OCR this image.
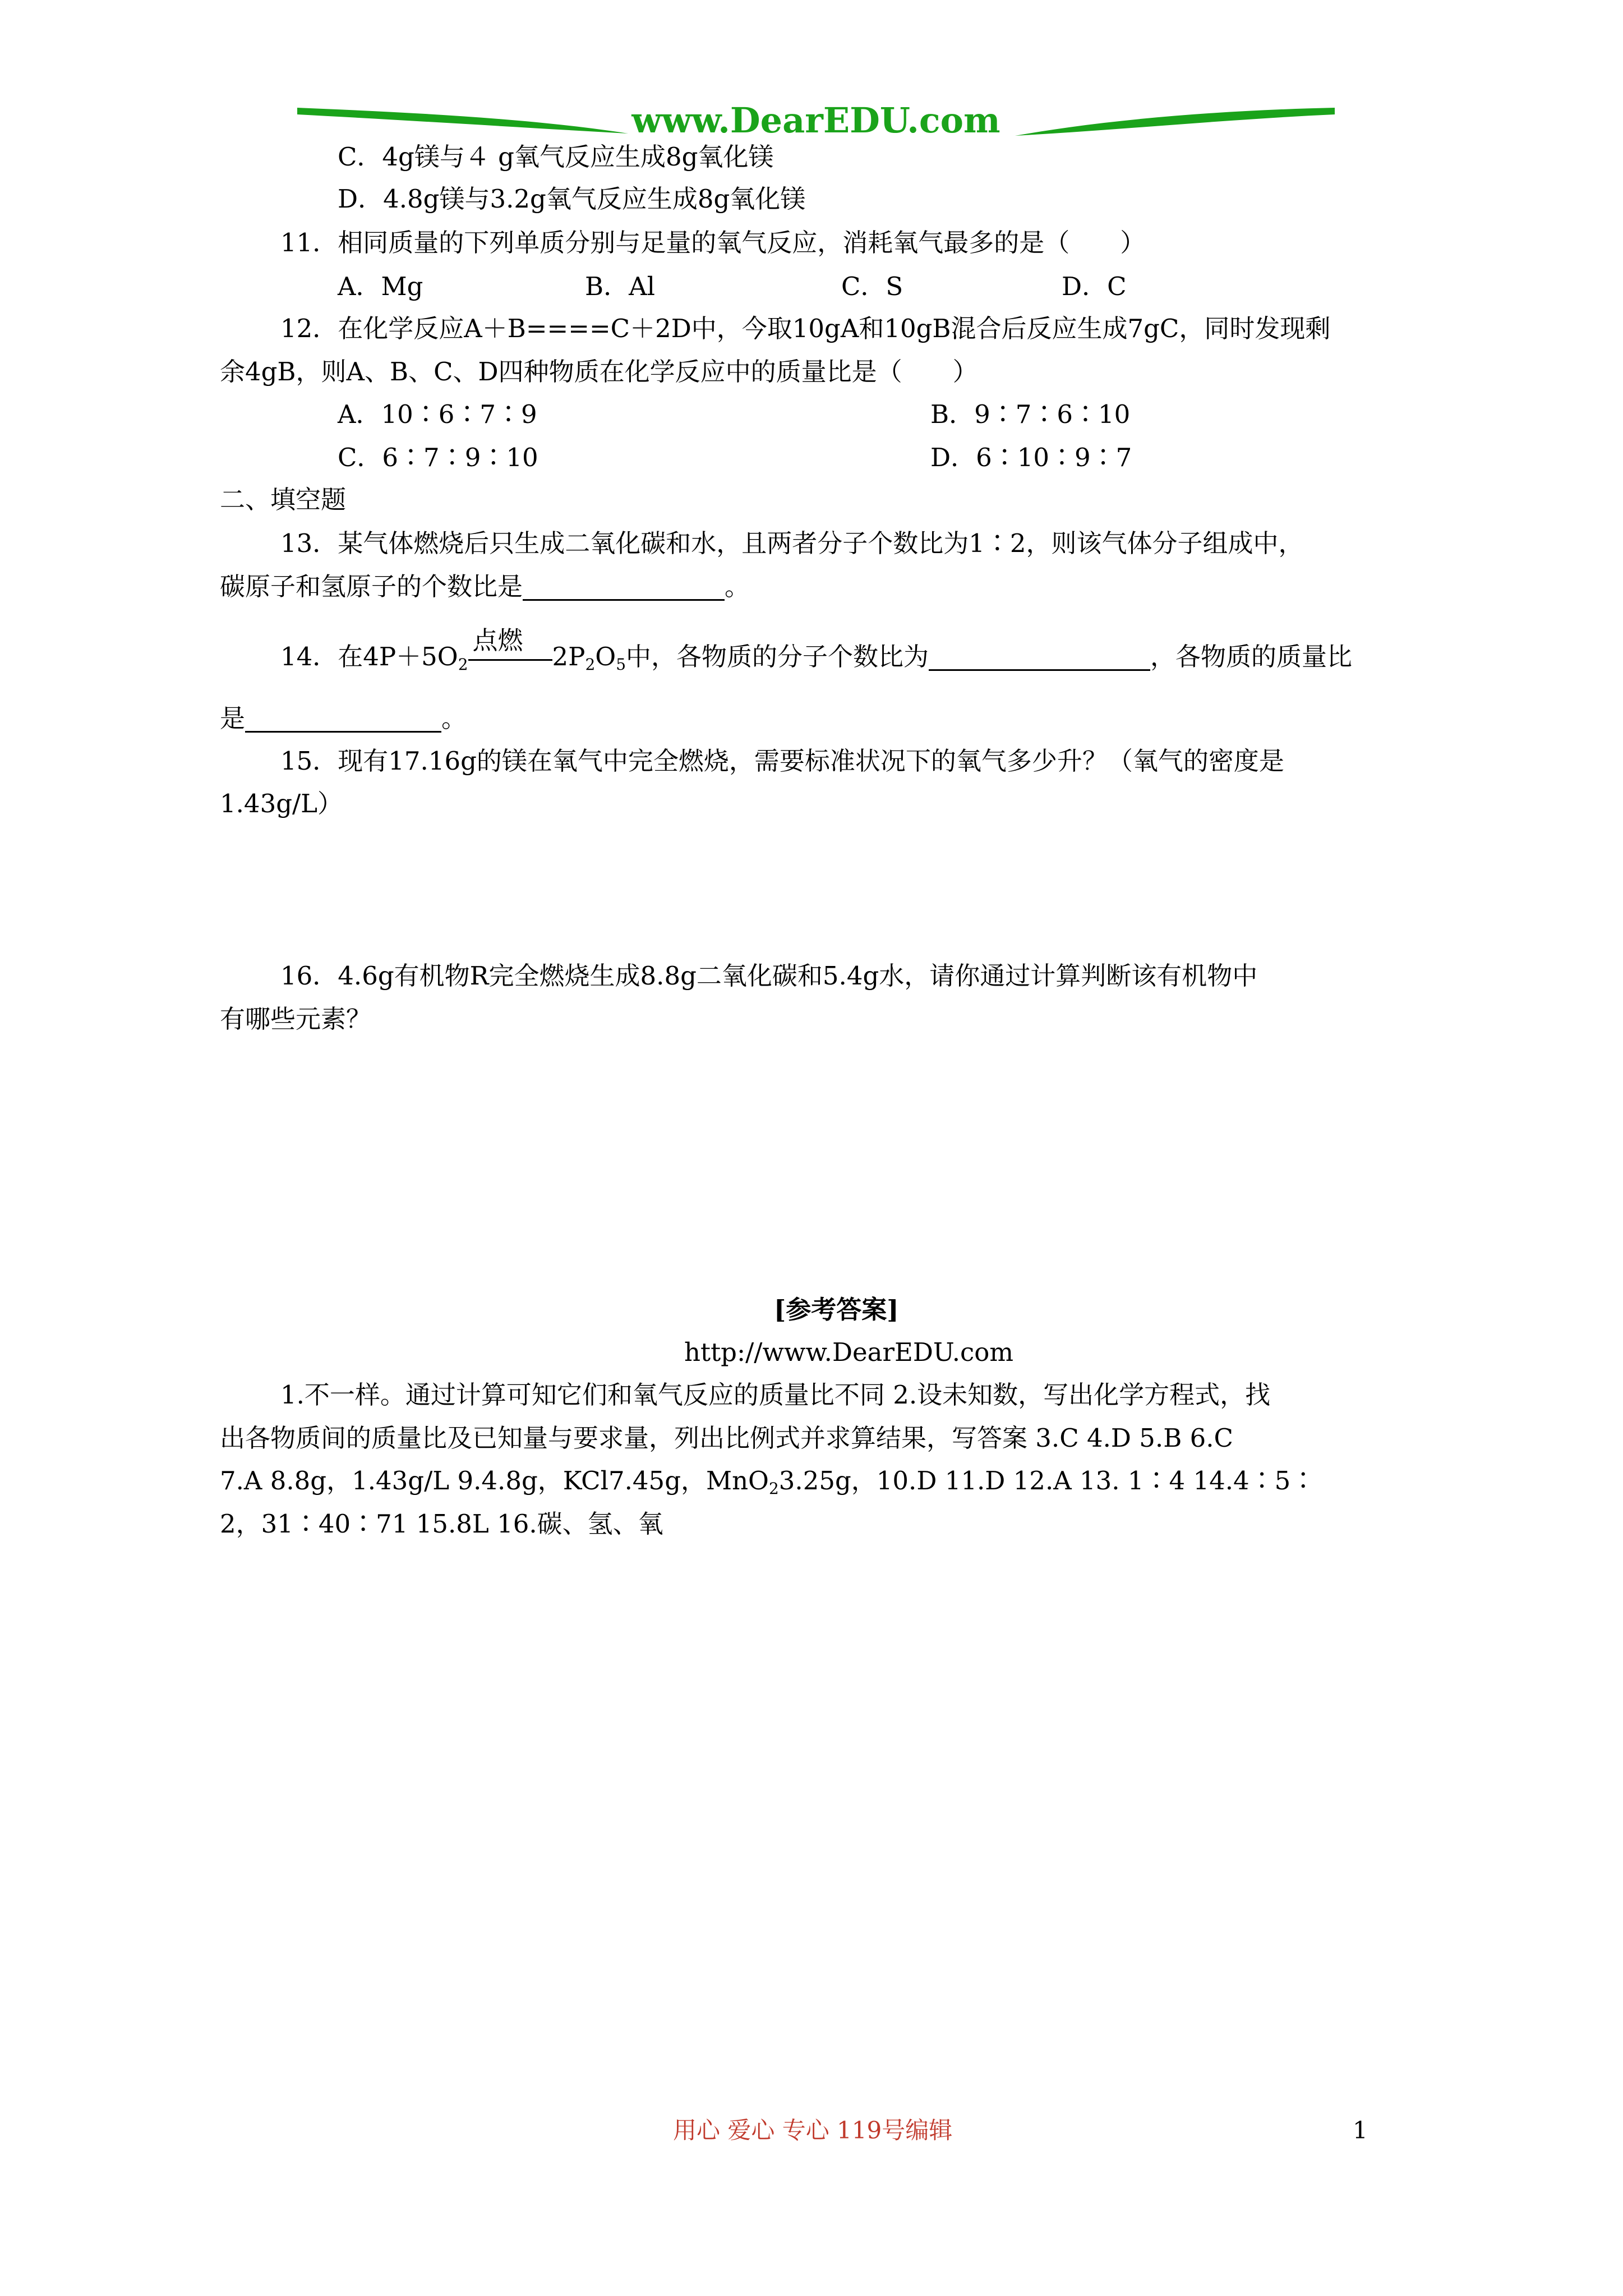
www.DearEDU.com
C．4g镁与４ g氧气反应生成8g氧化镁
D．4.8g镁与3.2g氧气反应生成8g氧化镁
11．相同质量的下列单质分别与足量的氧气反应，消耗氧气最多的是（　　）
A．Mg	B．Al	C．S	D．C
12．在化学反应A＋B====C＋2D中，今取10gA和10gB混合后反应生成7gC，同时发现剩
余4gB，则A、B、C、D四种物质在化学反应中的质量比是（　　）
A．10∶6∶7∶9	B．9∶7∶6∶10
C．6∶7∶9∶10	D．6∶10∶9∶7
二、填空题
13．某气体燃烧后只生成二氧化碳和水，且两者分子个数比为1∶2，则该气体分子组成中，
碳原子和氢原子的个数比是	。
14．在$4P+5O_2$
点燃
$2P_2O_5$中，各物质的分子个数比为	，各物质的质量比
是	。
15．现有17.16g的镁在氧气中完全燃烧，需要标准状况下的氧气多少升？（氧气的密度是
1.43g/L）
16．4.6g有机物R完全燃烧生成8.8g二氧化碳和5.4g水，请你通过计算判断该有机物中
有哪些元素？
[参考答案]
http://www.DearEDU.com
1.不一样。通过计算可知它们和氧气反应的质量比不同 2.设未知数，写出化学方程式，找
出各物质间的质量比及已知量与要求量，列出比例式并求算结果，写答案 3.C 4.D 5.B 6.C
7.A 8.8g，1.43g/L 9.4.8g，KCl7.45g，MnO$_2$3.25g，10.D 11.D 12.A 13. 1∶4 14.4∶5∶
2，31∶40∶71 15.8L 16.碳、氢、氧
用心 爱心 专心 119号编辑	1
